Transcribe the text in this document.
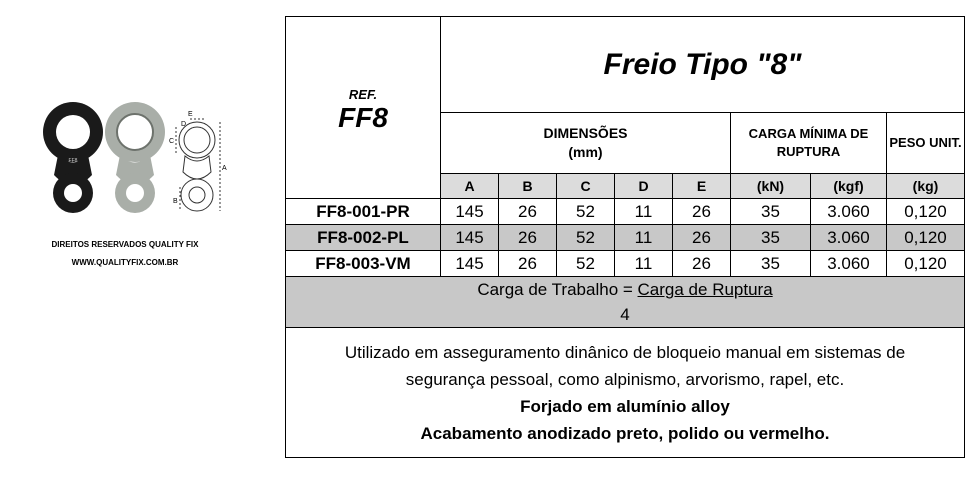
FF8
A
C
B
E
D
DIREITOS RESERVADOS QUALITY FIX
WWW.QUALITYFIX.COM.BR
REF.
FF8	Freio Tipo "8"							

	DIMENSÕES
(mm)					CARGA MÍNIMA DE RUPTURA		PESO UNIT.
	A	B	C	D	E	(kN)	(kgf)	(kg)
FF8-001-PR	145	26	52	11	26	35	3.060	0,120
FF8-002-PL	145	26	52	11	26	35	3.060	0,120
FF8-003-VM	145	26	52	11	26	35	3.060	0,120

Carga de Trabalho = Carga de Ruptura
4								

Utilizado em asseguramento dinânico de bloqueio manual em sistemas de segurança pessoal, como alpinismo, arvorismo, rapel, etc.
Forjado em alumínio alloy
Acabamento anodizado preto, polido ou vermelho.								
